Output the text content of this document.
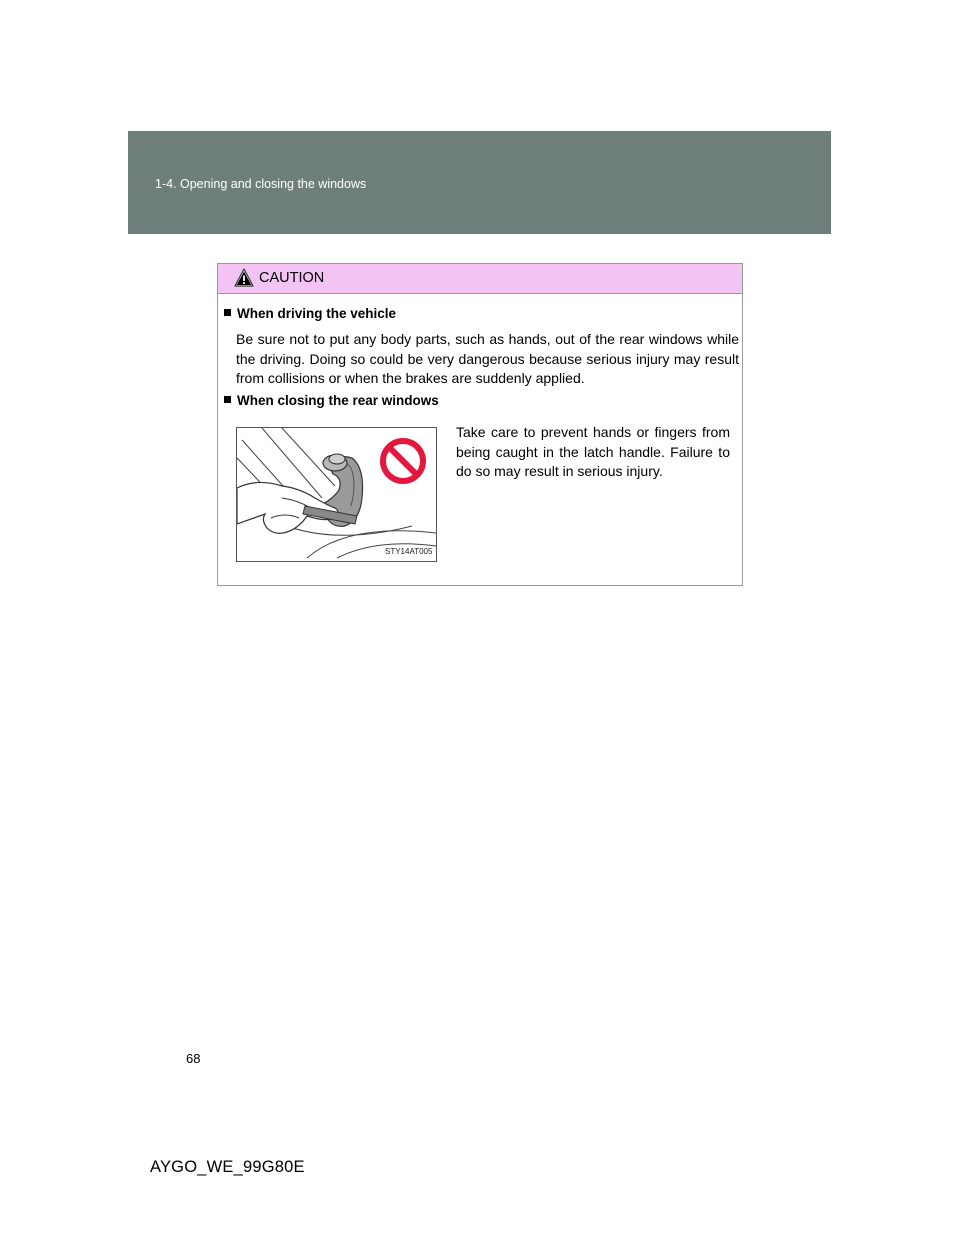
1-4. Opening and closing the windows
CAUTION
When driving the vehicle
Be sure not to put any body parts, such as hands, out of the rear windows while the driving. Doing so could be very dangerous because serious injury may result from collisions or when the brakes are suddenly applied.
When closing the rear windows
STY14AT005
Take care to prevent hands or fingers from being caught in the latch handle. Failure to do so may result in serious injury.
68
AYGO_WE_99G80E
